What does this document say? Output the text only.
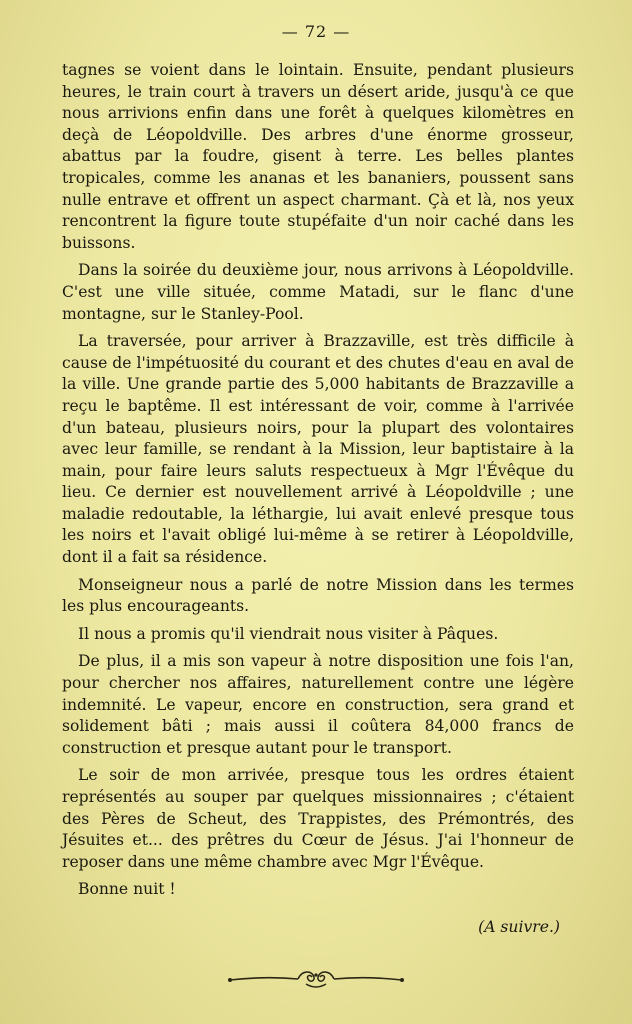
— 72 —

tagnes se voient dans le lointain. Ensuite, pendant plusieurs heures, le train court à travers un désert aride, jusqu'à ce que nous arrivions enfin dans une forêt à quelques kilomètres en deçà de Léopoldville. Des arbres d'une énorme grosseur, abattus par la foudre, gisent à terre. Les belles plantes tropicales, comme les ananas et les bananiers, poussent sans nulle entrave et offrent un aspect charmant. Çà et là, nos yeux rencontrent la figure toute stupéfaite d'un noir caché dans les buissons.

Dans la soirée du deuxième jour, nous arrivons à Léopoldville. C'est une ville située, comme Matadi, sur le flanc d'une montagne, sur le Stanley-Pool.

La traversée, pour arriver à Brazzaville, est très difficile à cause de l'impétuosité du courant et des chutes d'eau en aval de la ville. Une grande partie des 5,000 habitants de Brazzaville a reçu le baptême. Il est intéressant de voir, comme à l'arrivée d'un bateau, plusieurs noirs, pour la plupart des volontaires avec leur famille, se rendant à la Mission, leur baptistaire à la main, pour faire leurs saluts respectueux à Mgr l'Évêque du lieu. Ce dernier est nouvellement arrivé à Léopoldville ; une maladie redoutable, la léthargie, lui avait enlevé presque tous les noirs et l'avait obligé lui-même à se retirer à Léopoldville, dont il a fait sa résidence.

Monseigneur nous a parlé de notre Mission dans les termes les plus encourageants.

Il nous a promis qu'il viendrait nous visiter à Pâques.

De plus, il a mis son vapeur à notre disposition une fois l'an, pour chercher nos affaires, naturellement contre une légère indemnité. Le vapeur, encore en construction, sera grand et solidement bâti ; mais aussi il coûtera 84,000 francs de construction et presque autant pour le transport.

Le soir de mon arrivée, presque tous les ordres étaient représentés au souper par quelques missionnaires ; c'étaient des Pères de Scheut, des Trappistes, des Prémontrés, des Jésuites et... des prêtres du Cœur de Jésus. J'ai l'honneur de reposer dans une même chambre avec Mgr l'Évêque.

Bonne nuit !

(A suivre.)
